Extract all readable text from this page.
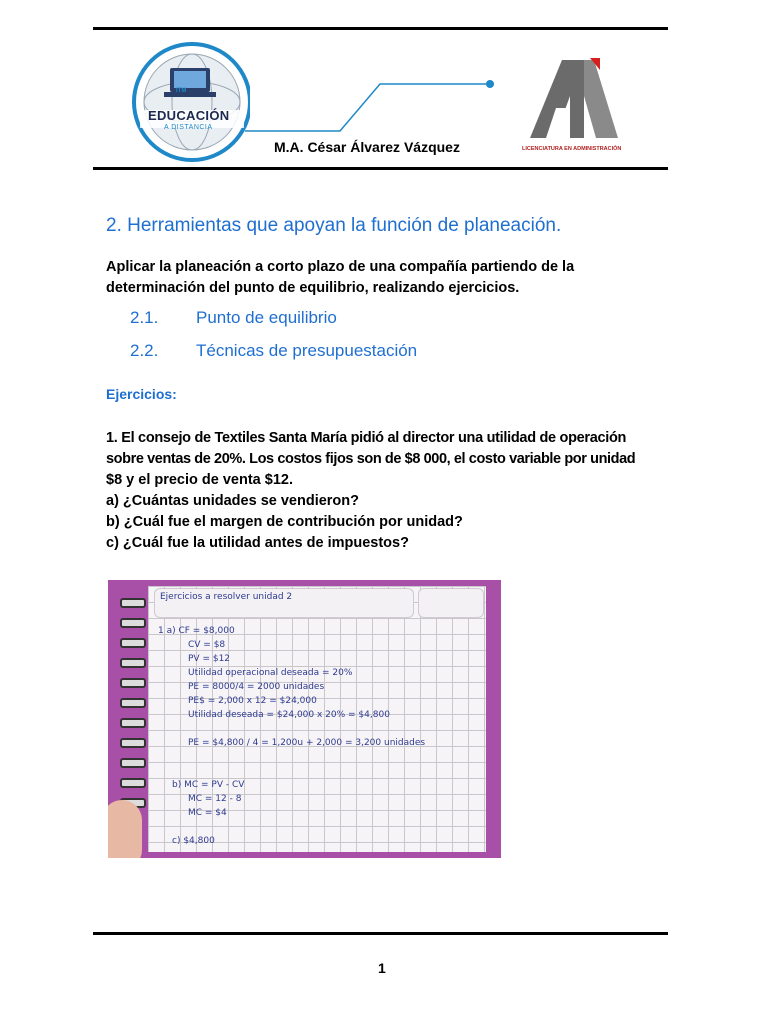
ITM
EDUCACIÓN
A DISTANCIA
M.A. César Álvarez Vázquez	LICENCIATURA EN ADMINISTRACIÓN
2. Herramientas que apoyan la función de planeación.
Aplicar la planeación a corto plazo de una compañía partiendo de la determinación del punto de equilibrio, realizando ejercicios.
2.1. Punto de equilibrio
2.2. Técnicas de presupuestación
Ejercicios:
1. El consejo de Textiles Santa María pidió al director una utilidad de operación
sobre ventas de 20%. Los costos fijos son de $8 000, el costo variable por unidad
$8 y el precio de venta $12.
a) ¿Cuántas unidades se vendieron?
b) ¿Cuál fue el margen de contribución por unidad?
c) ¿Cuál fue la utilidad antes de impuestos?
Ejercicios a resolver unidad 2
1 a) CF = $8,000
CV = $8
PV = $12
Utilidad operacional deseada = 20%
PE = 8000/4 = 2000 unidades
PE$ = 2,000 x 12 = $24,000
Utilidad deseada = $24,000 x 20% = $4,800
PE = $4,800 / 4 = 1,200u + 2,000 = 3,200 unidades
b) MC = PV - CV
MC = 12 - 8
MC = $4
c) $4,800
1
